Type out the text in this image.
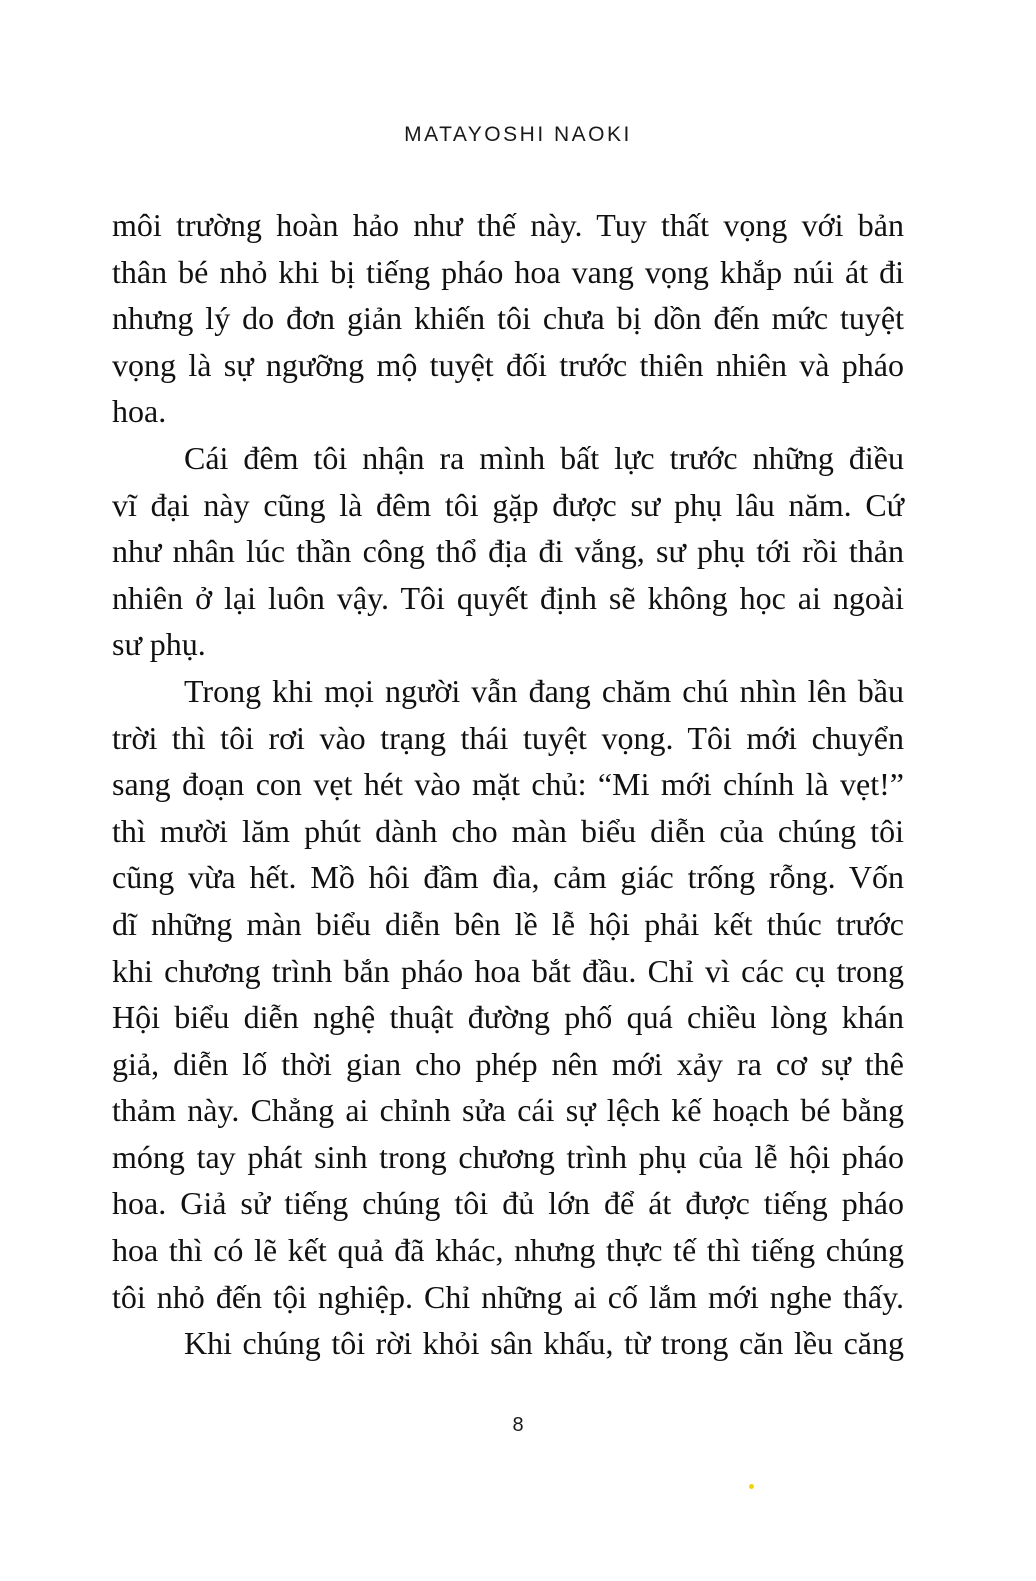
MATAYOSHI NAOKI
môi trường hoàn hảo như thế này. Tuy thất vọng với bản
thân bé nhỏ khi bị tiếng pháo hoa vang vọng khắp núi át đi
nhưng lý do đơn giản khiến tôi chưa bị dồn đến mức tuyệt
vọng là sự ngưỡng mộ tuyệt đối trước thiên nhiên và pháo
hoa.
Cái đêm tôi nhận ra mình bất lực trước những điều
vĩ đại này cũng là đêm tôi gặp được sư phụ lâu năm. Cứ
như nhân lúc thần công thổ địa đi vắng, sư phụ tới rồi thản
nhiên ở lại luôn vậy. Tôi quyết định sẽ không học ai ngoài
sư phụ.
Trong khi mọi người vẫn đang chăm chú nhìn lên bầu
trời thì tôi rơi vào trạng thái tuyệt vọng. Tôi mới chuyển
sang đoạn con vẹt hét vào mặt chủ: “Mi mới chính là vẹt!”
thì mười lăm phút dành cho màn biểu diễn của chúng tôi
cũng vừa hết. Mồ hôi đầm đìa, cảm giác trống rỗng. Vốn
dĩ những màn biểu diễn bên lề lễ hội phải kết thúc trước
khi chương trình bắn pháo hoa bắt đầu. Chỉ vì các cụ trong
Hội biểu diễn nghệ thuật đường phố quá chiều lòng khán
giả, diễn lố thời gian cho phép nên mới xảy ra cơ sự thê
thảm này. Chẳng ai chỉnh sửa cái sự lệch kế hoạch bé bằng
móng tay phát sinh trong chương trình phụ của lễ hội pháo
hoa. Giả sử tiếng chúng tôi đủ lớn để át được tiếng pháo
hoa thì có lẽ kết quả đã khác, nhưng thực tế thì tiếng chúng
tôi nhỏ đến tội nghiệp. Chỉ những ai cố lắm mới nghe thấy.
Khi chúng tôi rời khỏi sân khấu, từ trong căn lều căng
8
